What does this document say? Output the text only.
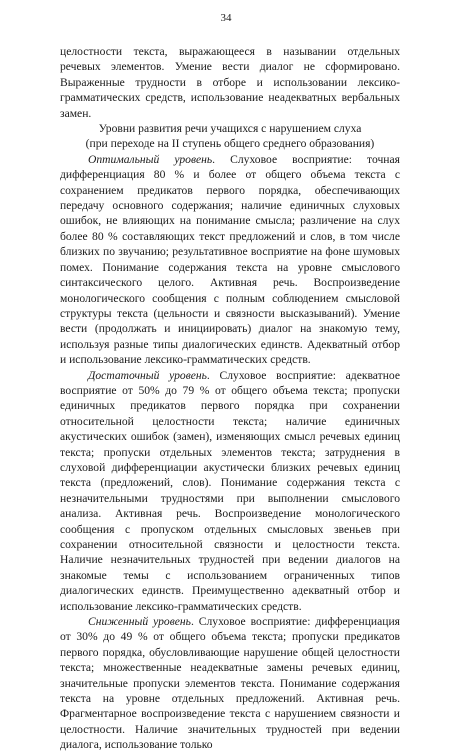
34

целостности текста, выражающееся в назывании отдельных речевых элементов. Умение вести диалог не сформировано. Выраженные трудности в отборе и использовании лексико-грамматических средств, использование неадекватных вербальных замен.

Уровни развития речи учащихся с нарушением слуха
(при переходе на II ступень общего среднего образования)

Оптимальный уровень. Слуховое восприятие: точная дифференциация 80 % и более от общего объема текста с сохранением предикатов первого порядка, обеспечивающих передачу основного содержания; наличие единичных слуховых ошибок, не влияющих на понимание смысла; различение на слух более 80 % составляющих текст предложений и слов, в том числе близких по звучанию; результативное восприятие на фоне шумовых помех. Понимание содержания текста на уровне смыслового синтаксического целого. Активная речь. Воспроизведение монологического сообщения с полным соблюдением смысловой структуры текста (цельности и связности высказываний). Умение вести (продолжать и инициировать) диалог на знакомую тему, используя разные типы диалогических единств. Адекватный отбор и использование лексико-грамматических средств.

Достаточный уровень. Слуховое восприятие: адекватное восприятие от 50% до 79 % от общего объема текста; пропуски единичных предикатов первого порядка при сохранении относительной целостности текста; наличие единичных акустических ошибок (замен), изменяющих смысл речевых единиц текста; пропуски отдельных элементов текста; затруднения в слуховой дифференциации акустически близких речевых единиц текста (предложений, слов). Понимание содержания текста с незначительными трудностями при выполнении смыслового анализа. Активная речь. Воспроизведение монологического сообщения с пропуском отдельных смысловых звеньев при сохранении относительной связности и целостности текста. Наличие незначительных трудностей при ведении диалогов на знакомые темы с использованием ограниченных типов диалогических единств. Преимущественно адекватный отбор и использование лексико-грамматических средств.

Сниженный уровень. Слуховое восприятие: дифференциация от 30% до 49 % от общего объема текста; пропуски предикатов первого порядка, обусловливающие нарушение общей целостности текста; множественные неадекватные замены речевых единиц, значительные пропуски элементов текста. Понимание содержания текста на уровне отдельных предложений. Активная речь. Фрагментарное воспроизведение текста с нарушением связности и целостности. Наличие значительных трудностей при ведении диалога, использование только
